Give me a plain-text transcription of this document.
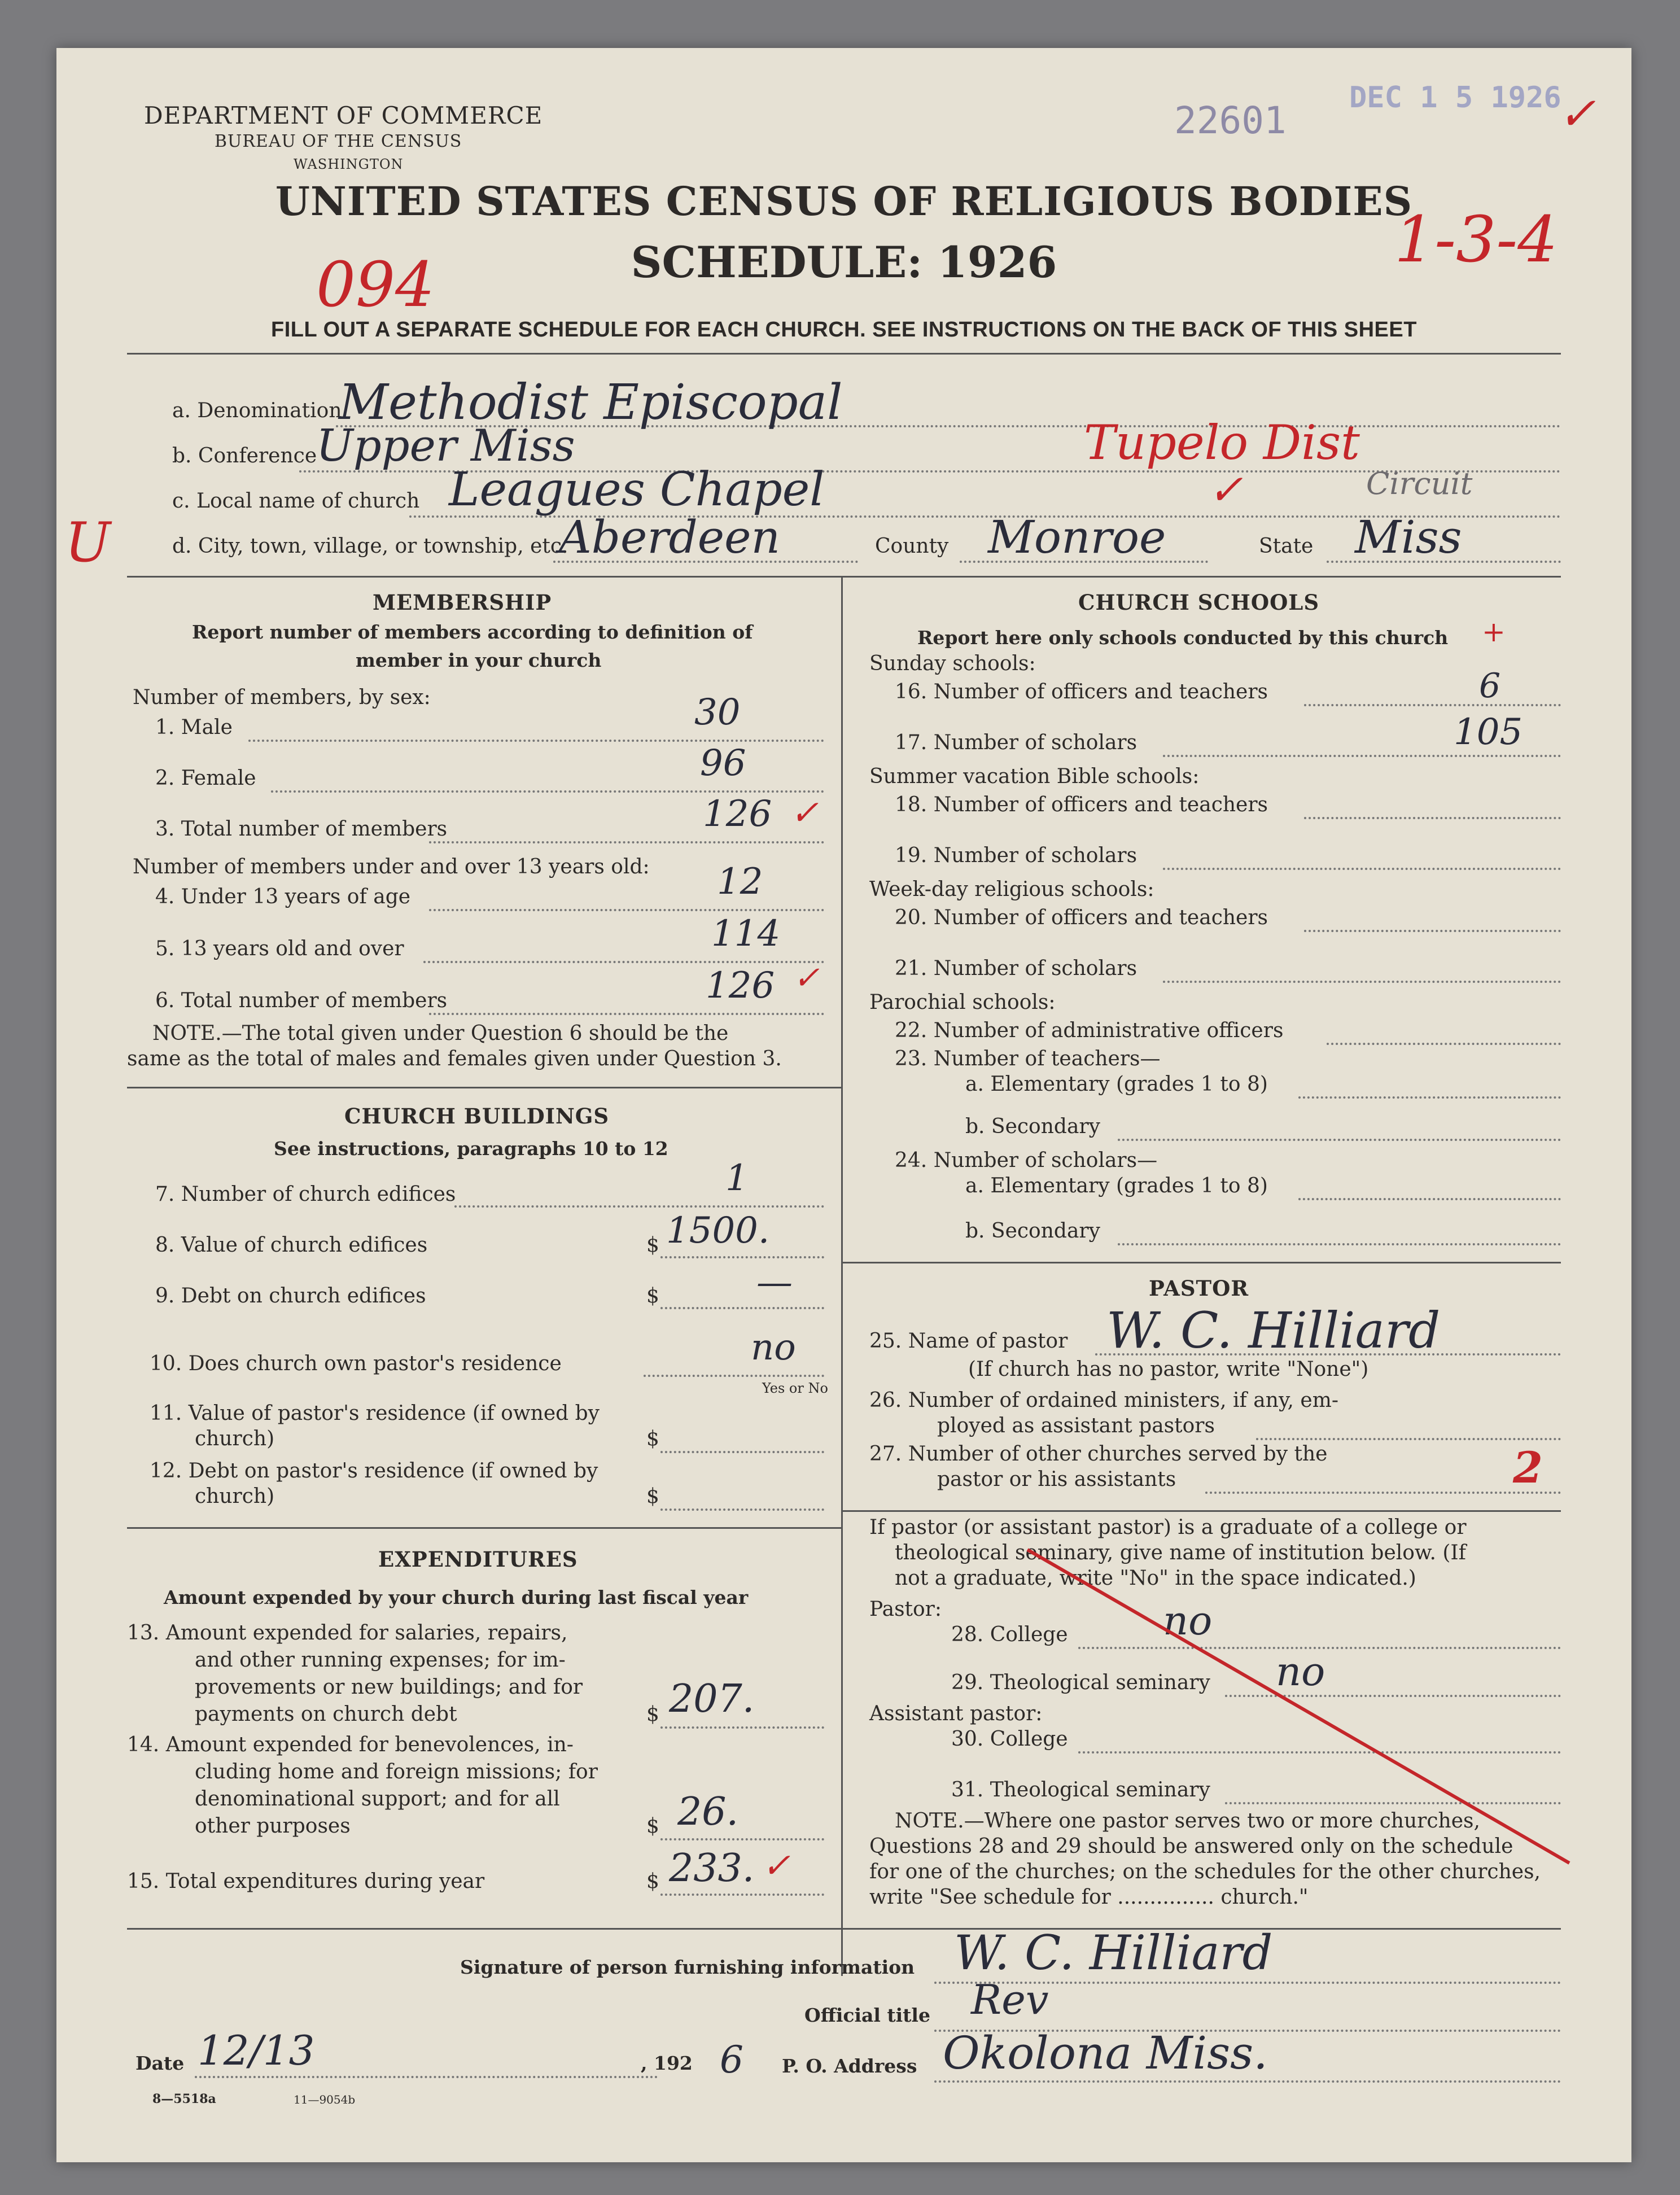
DEPARTMENT OF COMMERCE
BUREAU OF THE CENSUS
WASHINGTON
22601
DEC 1 5 1926
✓
UNITED STATES CENSUS OF RELIGIOUS BODIES
SCHEDULE: 1926
094
1-3-4
FILL OUT A SEPARATE SCHEDULE FOR EACH CHURCH. SEE INSTRUCTIONS ON THE BACK OF THIS SHEET
a. Denomination
Methodist Episcopal
b. Conference
Upper Miss	Tupelo Dist
c. Local name of church Leagues Chapel	✓	Circuit
U	d. City, town, village, or township, etc.
Aberdeen	County Monroe	State Miss
MEMBERSHIP
Report number of members according to definition of
member in your church
Number of members, by sex:
1. Male	30
2. Female	96
3. Total number of members	126 ✓
Number of members under and over 13 years old:
4. Under 13 years of age	12
5. 13 years old and over	114
6. Total number of members	126 ✓
NOTE.—The total given under Question 6 should be the
same as the total of males and females given under Question 3.
CHURCH BUILDINGS
See instructions, paragraphs 10 to 12
7. Number of church edifices	1
8. Value of church edifices	$ 1500.
9. Debt on church edifices	$	—
10. Does church own pastor's residence	no
Yes or No
11. Value of pastor's residence (if owned by
church)	$
12. Debt on pastor's residence (if owned by
church)	$
EXPENDITURES
Amount expended by your church during last fiscal year
13. Amount expended for salaries, repairs,
and other running expenses; for im-
provements or new buildings; and for
payments on church debt	$ 207.
14. Amount expended for benevolences, in-
cluding home and foreign missions; for
denominational support; and for all
other purposes	$ 26.
15. Total expenditures during year	$ 233. ✓
CHURCH SCHOOLS
Report here only schools conducted by this church +
Sunday schools:
16. Number of officers and teachers	6
17. Number of scholars	105
Summer vacation Bible schools:
18. Number of officers and teachers
19. Number of scholars
Week-day religious schools:
20. Number of officers and teachers
21. Number of scholars
Parochial schools:
22. Number of administrative officers
23. Number of teachers—
a. Elementary (grades 1 to 8)
b. Secondary
24. Number of scholars—
a. Elementary (grades 1 to 8)
b. Secondary
PASTOR
25. Name of pastor W. C. Hilliard
(If church has no pastor, write "None")
26. Number of ordained ministers, if any, em-
ployed as assistant pastors
27. Number of other churches served by the
pastor or his assistants	2
If pastor (or assistant pastor) is a graduate of a college or
theological seminary, give name of institution below. (If
not a graduate, write "No" in the space indicated.)
Pastor:
28. College no
29. Theological seminary no
Assistant pastor:
30. College
31. Theological seminary
NOTE.—Where one pastor serves two or more churches,
Questions 28 and 29 should be answered only on the schedule
for one of the churches; on the schedules for the other churches,
write "See schedule for ............... church."
Signature of person furnishing information W. C. Hilliard
Official title Rev
Date 12/13	, 192 6 P. O. Address Okolona Miss.
8—5518a	11—9054b
